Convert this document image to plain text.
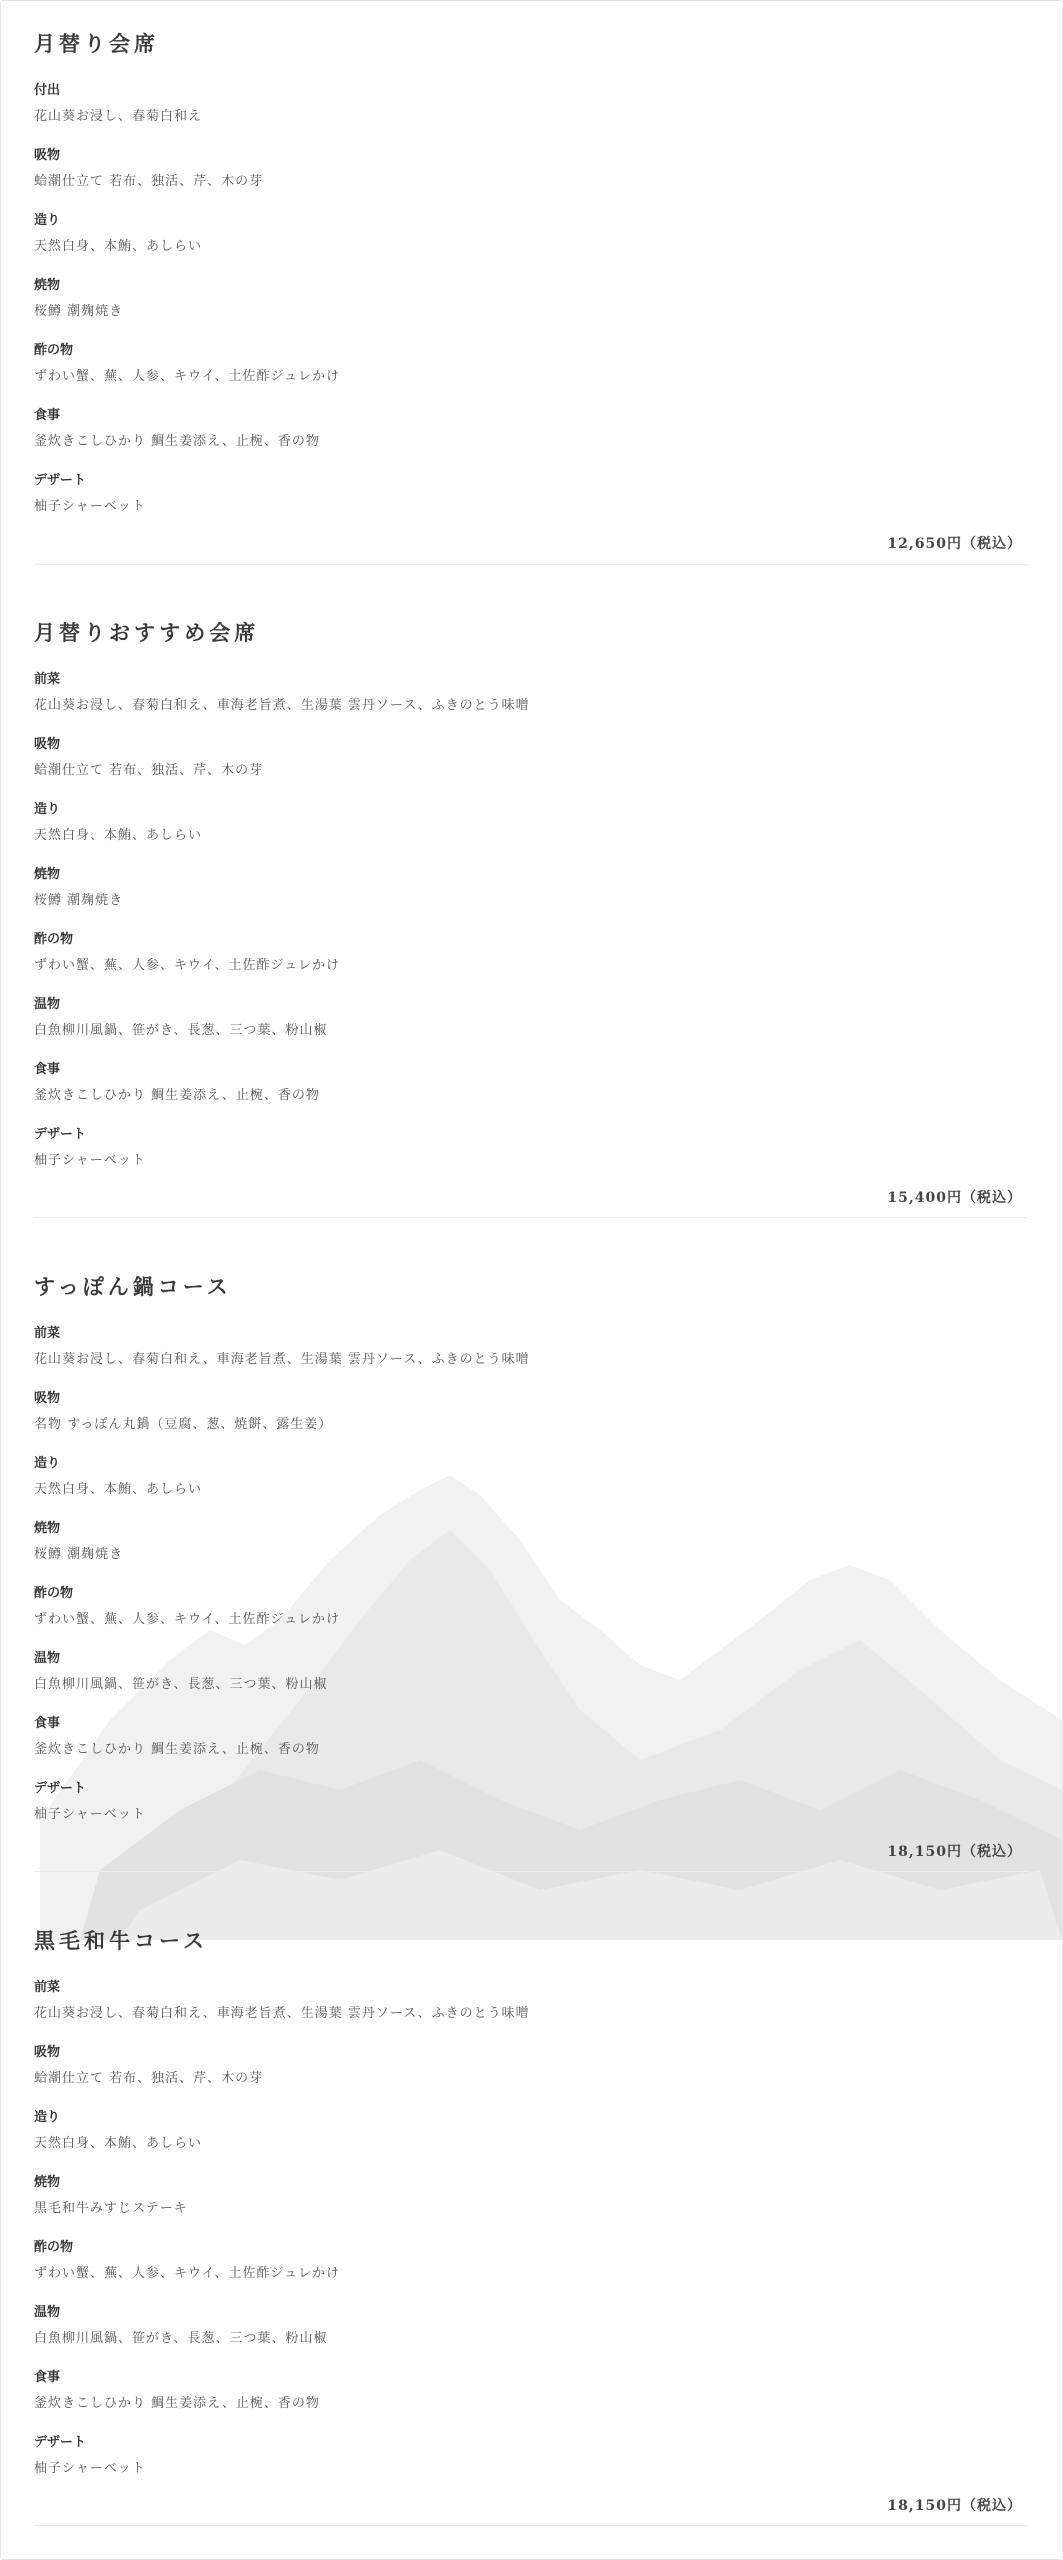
月替り会席
付出
花山葵お浸し、春菊白和え
吸物
蛤潮仕立て 若布、独活、芹、木の芽
造り
天然白身、本鮪、あしらい
焼物
桜鱒 潮麹焼き
酢の物
ずわい蟹、蕪、人参、キウイ、土佐酢ジュレかけ
食事
釜炊きこしひかり 鯛生姜添え、止椀、香の物
デザート
柚子シャーベット
12,650円（税込）
月替りおすすめ会席
前菜
花山葵お浸し、春菊白和え、車海老旨煮、生湯葉 雲丹ソース、ふきのとう味噌
吸物
蛤潮仕立て 若布、独活、芹、木の芽
造り
天然白身、本鮪、あしらい
焼物
桜鱒 潮麹焼き
酢の物
ずわい蟹、蕪、人参、キウイ、土佐酢ジュレかけ
温物
白魚柳川風鍋、笹がき、長葱、三つ葉、粉山椒
食事
釜炊きこしひかり 鯛生姜添え、止椀、香の物
デザート
柚子シャーベット
15,400円（税込）
すっぽん鍋コース
前菜
花山葵お浸し、春菊白和え、車海老旨煮、生湯葉 雲丹ソース、ふきのとう味噌
吸物
名物 すっぽん丸鍋（豆腐、葱、焼餅、露生姜）
造り
天然白身、本鮪、あしらい
焼物
桜鱒 潮麹焼き
酢の物
ずわい蟹、蕪、人参、キウイ、土佐酢ジュレかけ
温物
白魚柳川風鍋、笹がき、長葱、三つ葉、粉山椒
食事
釜炊きこしひかり 鯛生姜添え、止椀、香の物
デザート
柚子シャーベット
18,150円（税込）
黒毛和牛コース
前菜
花山葵お浸し、春菊白和え、車海老旨煮、生湯葉 雲丹ソース、ふきのとう味噌
吸物
蛤潮仕立て 若布、独活、芹、木の芽
造り
天然白身、本鮪、あしらい
焼物
黒毛和牛みすじステーキ
酢の物
ずわい蟹、蕪、人参、キウイ、土佐酢ジュレかけ
温物
白魚柳川風鍋、笹がき、長葱、三つ葉、粉山椒
食事
釜炊きこしひかり 鯛生姜添え、止椀、香の物
デザート
柚子シャーベット
18,150円（税込）
